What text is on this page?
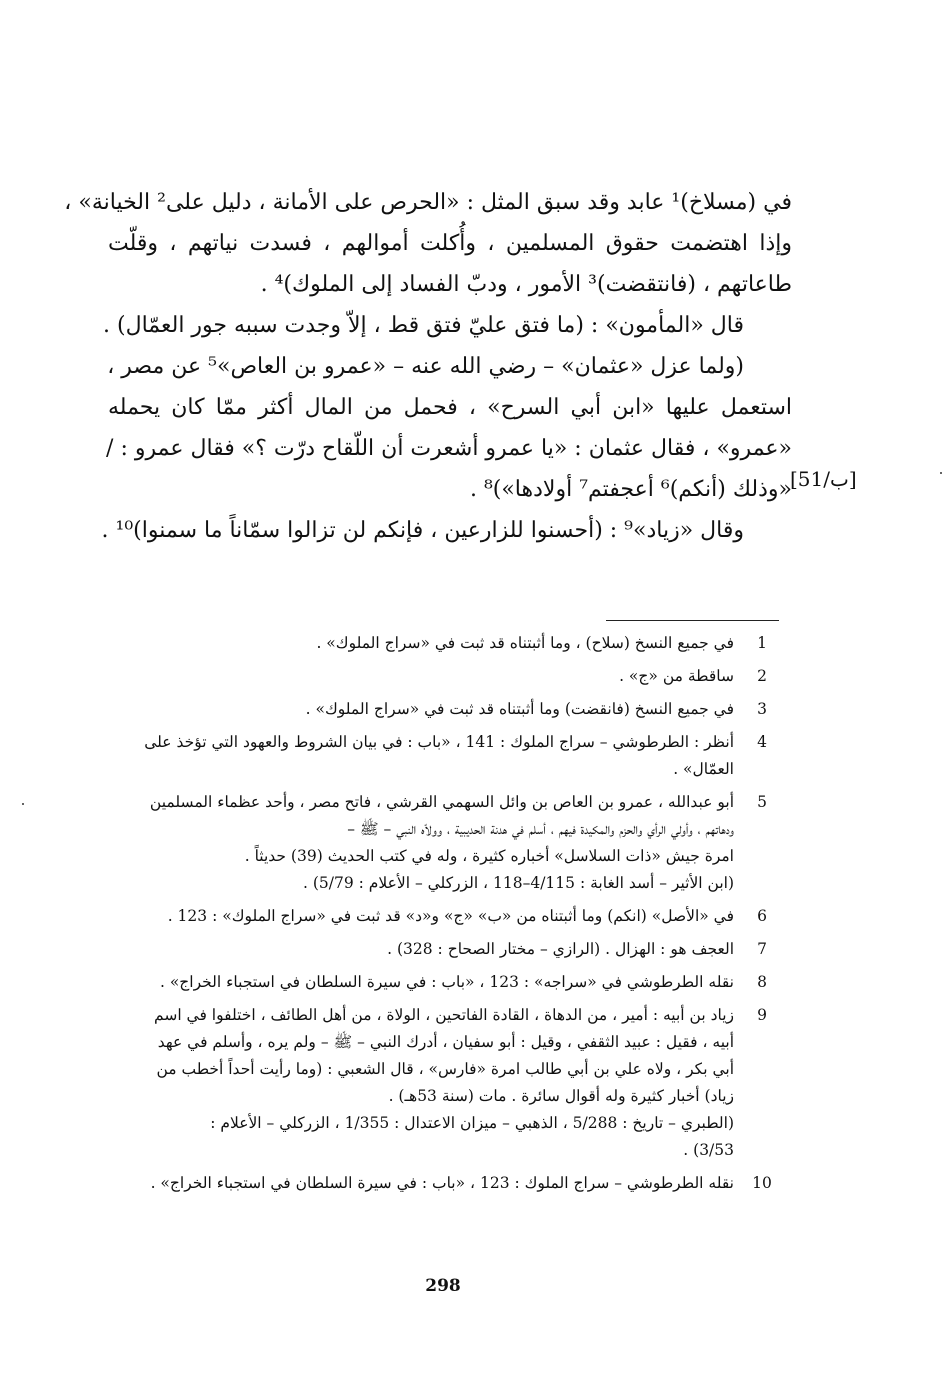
في (مسلاخ)¹ عابد وقد سبق المثل : «الحرص على الأمانة ، دليل على² الخيانة» ،
وإذا اهتضمت حقوق المسلمين ، وأُكلت أموالهم ، فسدت نياتهم ، وقلّت
طاعاتهم ، (فانتقضت)³ الأمور ، ودبّ الفساد إلى الملوك)⁴ .
قال «المأمون» : (ما فتق عليّ فتق قط ، إلاّ وجدت سببه جور العمّال) .
(ولما عزل «عثمان» – رضي الله عنه – «عمرو بن العاص»⁵ عن مصر ،
استعمل عليها «ابن أبي السرح» ، فحمل من المال أكثر ممّا كان يحمله
«عمرو» ، فقال عثمان : «يا عمرو أشعرت أن اللّقاح درّت ؟» فقال عمرو : /
«وذلك (أنكم)⁶ أعجفتم⁷ أولادها»)⁸ .
وقال «زياد»⁹ : (أحسنوا للزارعين ، فإنكم لن تزالوا سمّاناً ما سمنوا)¹⁰ .
[51/ب]
1
في جميع النسخ (سلاح) ، وما أثبتناه قد ثبت في «سراج الملوك» .
2
ساقطة من «ج» .
3
في جميع النسخ (فانقضت) وما أثبتناه قد ثبت في «سراج الملوك» .
4
أنظر : الطرطوشي – سراج الملوك : 141 ، «باب : في بيان الشروط والعهود التي تؤخذ على
العمّال» .
5
أبو عبدالله ، عمرو بن العاص بن وائل السهمي القرشي ، فاتح مصر ، وأحد عظماء المسلمين
ودهاتهم ، وأولي الرأي والحزم والمكيدة فيهم ، أسلم في هدنة الحديبية ، وولاّه النبي – ﷺ –
امرة جيش «ذات السلاسل» أخباره كثيرة ، وله في كتب الحديث (39) حديثاً .
(ابن الأثير – أسد الغابة : 4/115–118 ، الزركلي – الأعلام : 5/79) .
6
في «الأصل» (انكم) وما أثبتناه من «ب» «ج» و«د» قد ثبت في «سراج الملوك» : 123 .
7
العجف هو : الهزال . (الرازي – مختار الصحاح : 328) .
8
نقله الطرطوشي في «سراجه» : 123 ، «باب : في سيرة السلطان في استجباء الخراج» .
9
زياد بن أبيه : أمير ، من الدهاة ، القادة الفاتحين ، الولاة ، من أهل الطائف ، اختلفوا في اسم
أبيه ، فقيل : عبيد الثقفي ، وقيل : أبو سفيان ، أدرك النبي – ﷺ – ولم يره ، وأسلم في عهد
أبي بكر ، ولاه علي بن أبي طالب امرة «فارس» ، قال الشعبي : (وما رأيت أحداً أخطب من
زياد) أخبار كثيرة وله أقوال سائرة . مات (سنة 53هـ) .
(الطبري – تاريخ : 5/288 ، الذهبي – ميزان الاعتدال : 1/355 ، الزركلي – الأعلام :
3/53) .
10
نقله الطرطوشي – سراج الملوك : 123 ، «باب : في سيرة السلطان في استجباء الخراج» .
298
